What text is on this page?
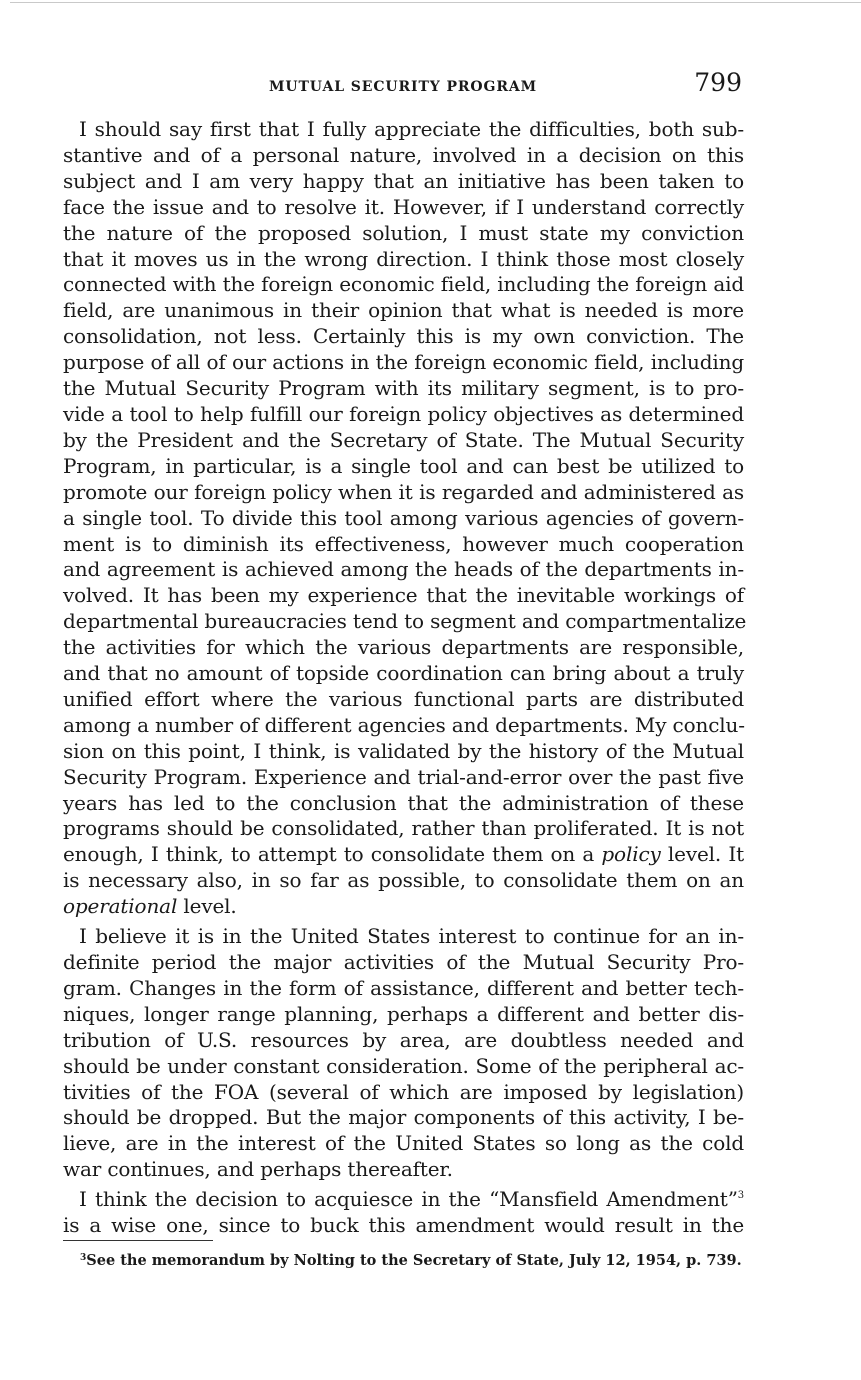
MUTUAL SECURITY PROGRAM	799
I should say first that I fully appreciate the difficulties, both sub-
stantive and of a personal nature, involved in a decision on this
subject and I am very happy that an initiative has been taken to
face the issue and to resolve it. However, if I understand correctly
the nature of the proposed solution, I must state my conviction
that it moves us in the wrong direction. I think those most closely
connected with the foreign economic field, including the foreign aid
field, are unanimous in their opinion that what is needed is more
consolidation, not less. Certainly this is my own conviction. The
purpose of all of our actions in the foreign economic field, including
the Mutual Security Program with its military segment, is to pro-
vide a tool to help fulfill our foreign policy objectives as determined
by the President and the Secretary of State. The Mutual Security
Program, in particular, is a single tool and can best be utilized to
promote our foreign policy when it is regarded and administered as
a single tool. To divide this tool among various agencies of govern-
ment is to diminish its effectiveness, however much cooperation
and agreement is achieved among the heads of the departments in-
volved. It has been my experience that the inevitable workings of
departmental bureaucracies tend to segment and compartmentalize
the activities for which the various departments are responsible,
and that no amount of topside coordination can bring about a truly
unified effort where the various functional parts are distributed
among a number of different agencies and departments. My conclu-
sion on this point, I think, is validated by the history of the Mutual
Security Program. Experience and trial-and-error over the past five
years has led to the conclusion that the administration of these
programs should be consolidated, rather than proliferated. It is not
enough, I think, to attempt to consolidate them on a policy level. It
is necessary also, in so far as possible, to consolidate them on an
operational level.
I believe it is in the United States interest to continue for an in-
definite period the major activities of the Mutual Security Pro-
gram. Changes in the form of assistance, different and better tech-
niques, longer range planning, perhaps a different and better dis-
tribution of U.S. resources by area, are doubtless needed and
should be under constant consideration. Some of the peripheral ac-
tivities of the FOA (several of which are imposed by legislation)
should be dropped. But the major components of this activity, I be-
lieve, are in the interest of the United States so long as the cold
war continues, and perhaps thereafter.
I think the decision to acquiesce in the “Mansfield Amendment”$^3$
is a wise one, since to buck this amendment would result in the
$^3$See the memorandum by Nolting to the Secretary of State, July 12, 1954, p. 739.
